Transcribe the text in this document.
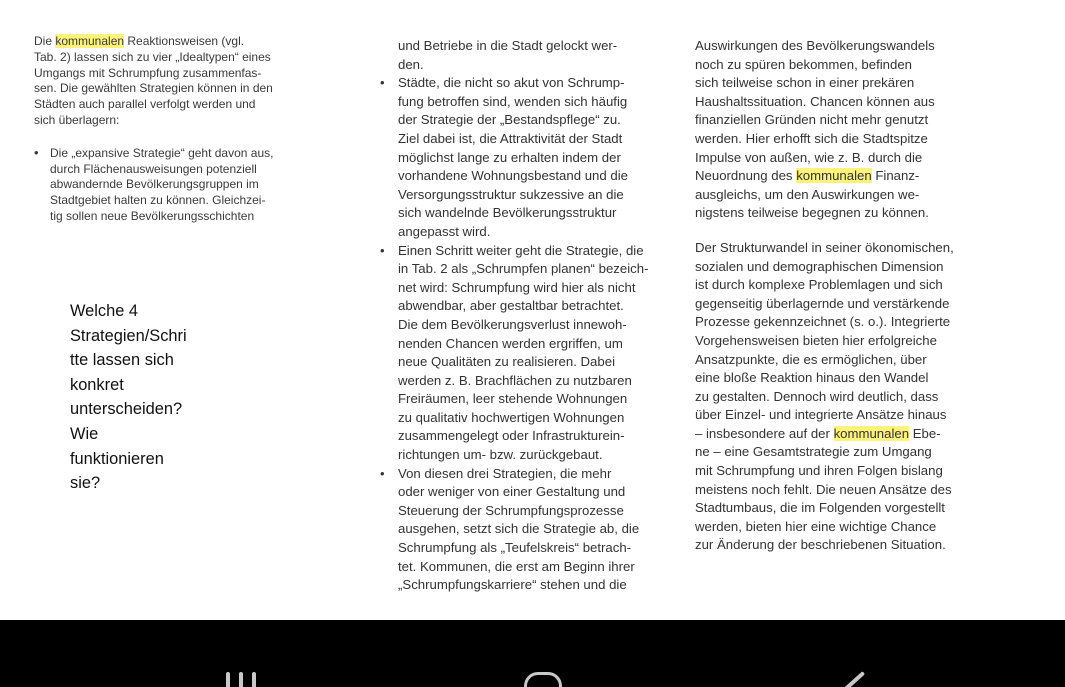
Die kommunalen Reaktionsweisen (vgl.

Tab. 2) lassen sich zu vier „Idealtypen“ eines

Umgangs mit Schrumpfung zusammenfas-

sen. Die gewählten Strategien können in den

Städten auch parallel verfolgt werden und

sich überlagern:

• Die „expansive Strategie“ geht davon aus,

durch Flächenausweisungen potenziell

abwandernde Bevölkerungsgruppen im

Stadtgebiet halten zu können. Gleichzei-

tig sollen neue Bevölkerungsschichten

Welche 4

Strategien/Schri

tte lassen sich

konkret

unterscheiden?

Wie

funktionieren

sie?

und Betriebe in die Stadt gelockt wer-

den.

• Städte, die nicht so akut von Schrump-

fung betroffen sind, wenden sich häufig

der Strategie der „Bestandspflege“ zu.

Ziel dabei ist, die Attraktivität der Stadt

möglichst lange zu erhalten indem der

vorhandene Wohnungsbestand und die

Versorgungsstruktur sukzessive an die

sich wandelnde Bevölkerungsstruktur

angepasst wird.

• Einen Schritt weiter geht die Strategie, die

in Tab. 2 als „Schrumpfen planen“ bezeich-

net wird: Schrumpfung wird hier als nicht

abwendbar, aber gestaltbar betrachtet.

Die dem Bevölkerungsverlust innewoh-

nenden Chancen werden ergriffen, um

neue Qualitäten zu realisieren. Dabei

werden z. B. Brachflächen zu nutzbaren

Freiräumen, leer stehende Wohnungen

zu qualitativ hochwertigen Wohnungen

zusammengelegt oder Infrastrukturein-

richtungen um- bzw. zurückgebaut.

• Von diesen drei Strategien, die mehr

oder weniger von einer Gestaltung und

Steuerung der Schrumpfungsprozesse

ausgehen, setzt sich die Strategie ab, die

Schrumpfung als „Teufelskreis“ betrach-

tet. Kommunen, die erst am Beginn ihrer

„Schrumpfungskarriere“ stehen und die

Auswirkungen des Bevölkerungswandels

noch zu spüren bekommen, befinden

sich teilweise schon in einer prekären

Haushaltssituation. Chancen können aus

finanziellen Gründen nicht mehr genutzt

werden. Hier erhofft sich die Stadtspitze

Impulse von außen, wie z. B. durch die

Neuordnung des kommunalen Finanz-

ausgleichs, um den Auswirkungen we-

nigstens teilweise begegnen zu können.

Der Strukturwandel in seiner ökonomischen,

sozialen und demographischen Dimension

ist durch komplexe Problemlagen und sich

gegenseitig überlagernde und verstärkende

Prozesse gekennzeichnet (s. o.). Integrierte

Vorgehensweisen bieten hier erfolgreiche

Ansatzpunkte, die es ermöglichen, über

eine bloße Reaktion hinaus den Wandel

zu gestalten. Dennoch wird deutlich, dass

über Einzel- und integrierte Ansätze hinaus

– insbesondere auf der kommunalen Ebe-

ne – eine Gesamtstrategie zum Umgang

mit Schrumpfung und ihren Folgen bislang

meistens noch fehlt. Die neuen Ansätze des

Stadtumbaus, die im Folgenden vorgestellt

werden, bieten hier eine wichtige Chance

zur Änderung der beschriebenen Situation.
